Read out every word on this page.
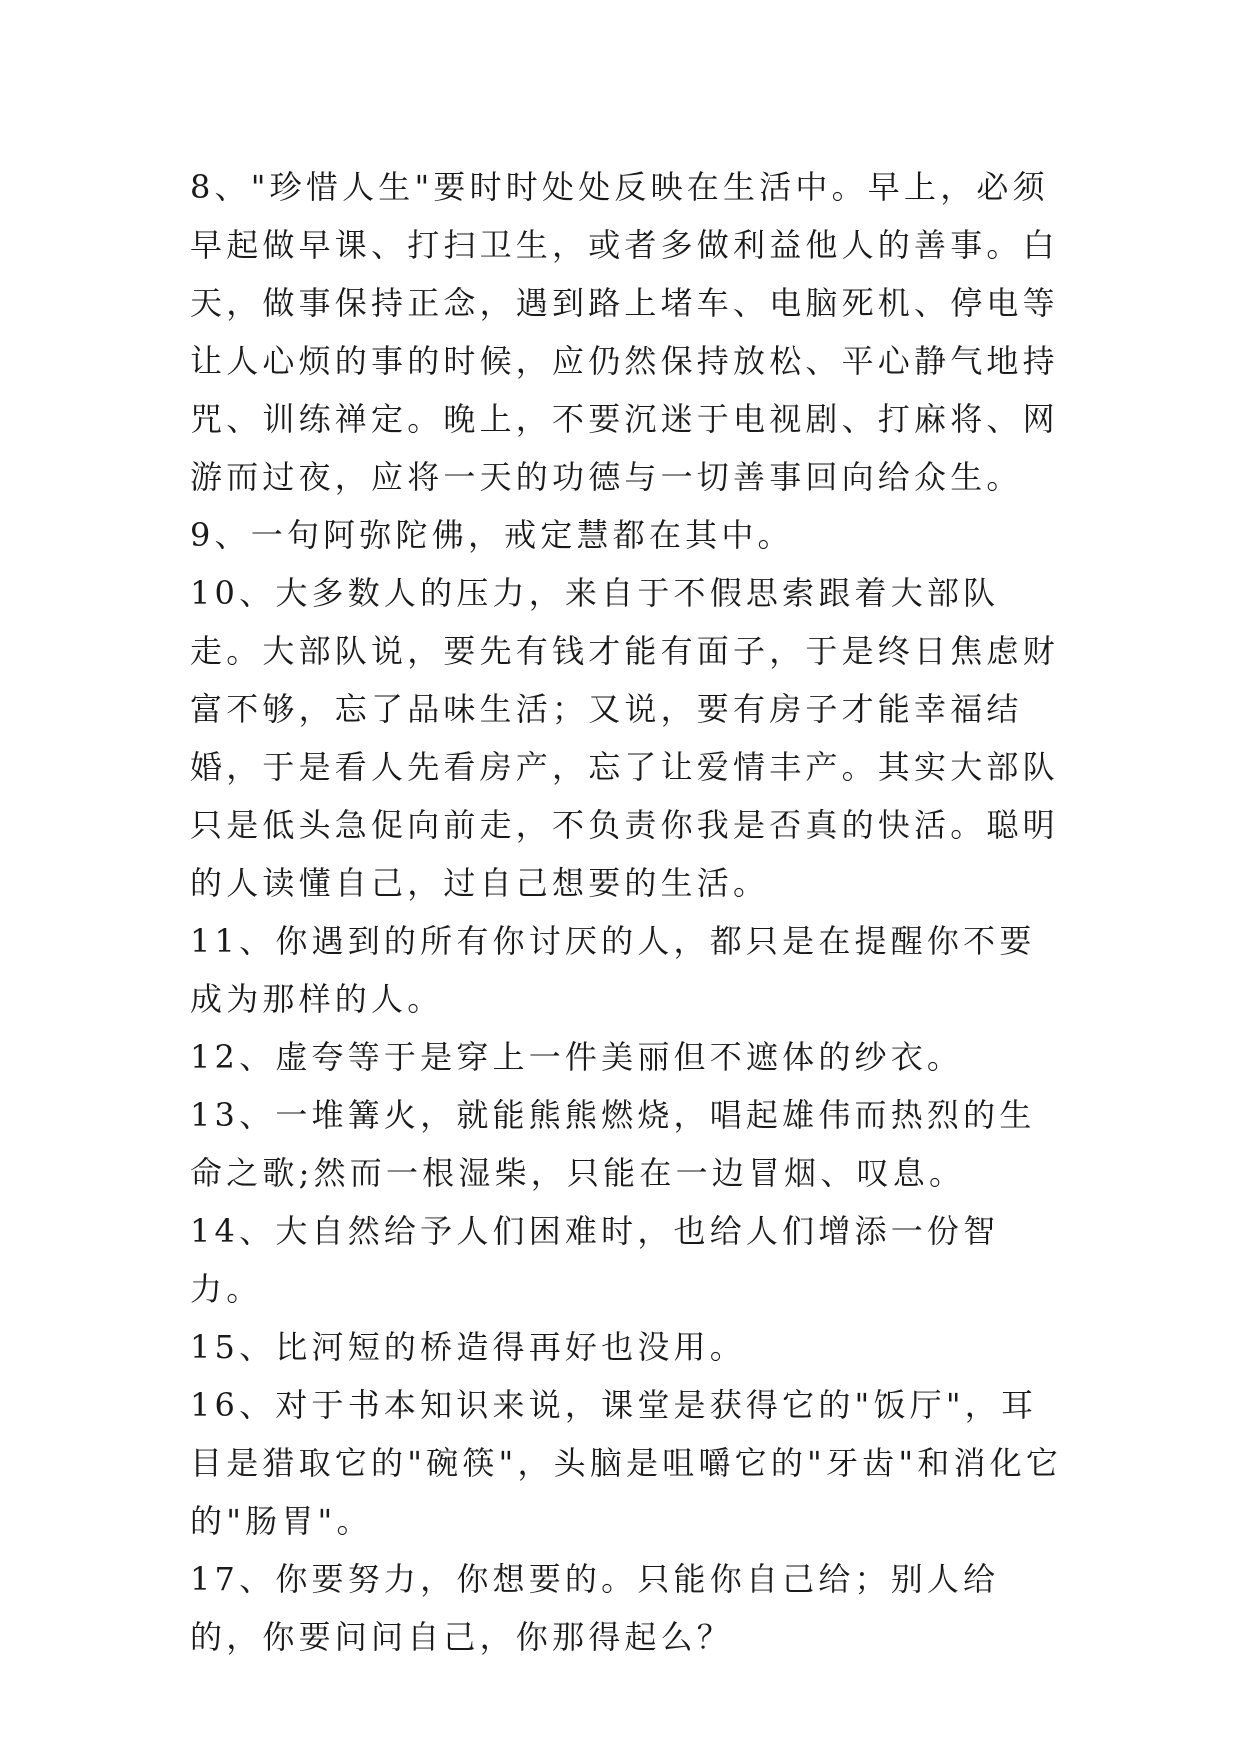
8、"珍惜人生"要时时处处反映在生活中。早上，必须早起做早课、打扫卫生，或者多做利益他人的善事。白天，做事保持正念，遇到路上堵车、电脑死机、停电等让人心烦的事的时候，应仍然保持放松、平心静气地持咒、训练禅定。晚上，不要沉迷于电视剧、打麻将、网游而过夜，应将一天的功德与一切善事回向给众生。

9、一句阿弥陀佛，戒定慧都在其中。

10、大多数人的压力，来自于不假思索跟着大部队走。大部队说，要先有钱才能有面子，于是终日焦虑财富不够，忘了品味生活；又说，要有房子才能幸福结婚，于是看人先看房产，忘了让爱情丰产。其实大部队只是低头急促向前走，不负责你我是否真的快活。聪明的人读懂自己，过自己想要的生活。

11、你遇到的所有你讨厌的人，都只是在提醒你不要成为那样的人。

12、虚夸等于是穿上一件美丽但不遮体的纱衣。

13、一堆篝火，就能熊熊燃烧，唱起雄伟而热烈的生命之歌;然而一根湿柴，只能在一边冒烟、叹息。

14、大自然给予人们困难时，也给人们增添一份智力。

15、比河短的桥造得再好也没用。

16、对于书本知识来说，课堂是获得它的"饭厅"，耳目是猎取它的"碗筷"，头脑是咀嚼它的"牙齿"和消化它的"肠胃"。

17、你要努力，你想要的。只能你自己给；别人给的，你要问问自己，你那得起么？
